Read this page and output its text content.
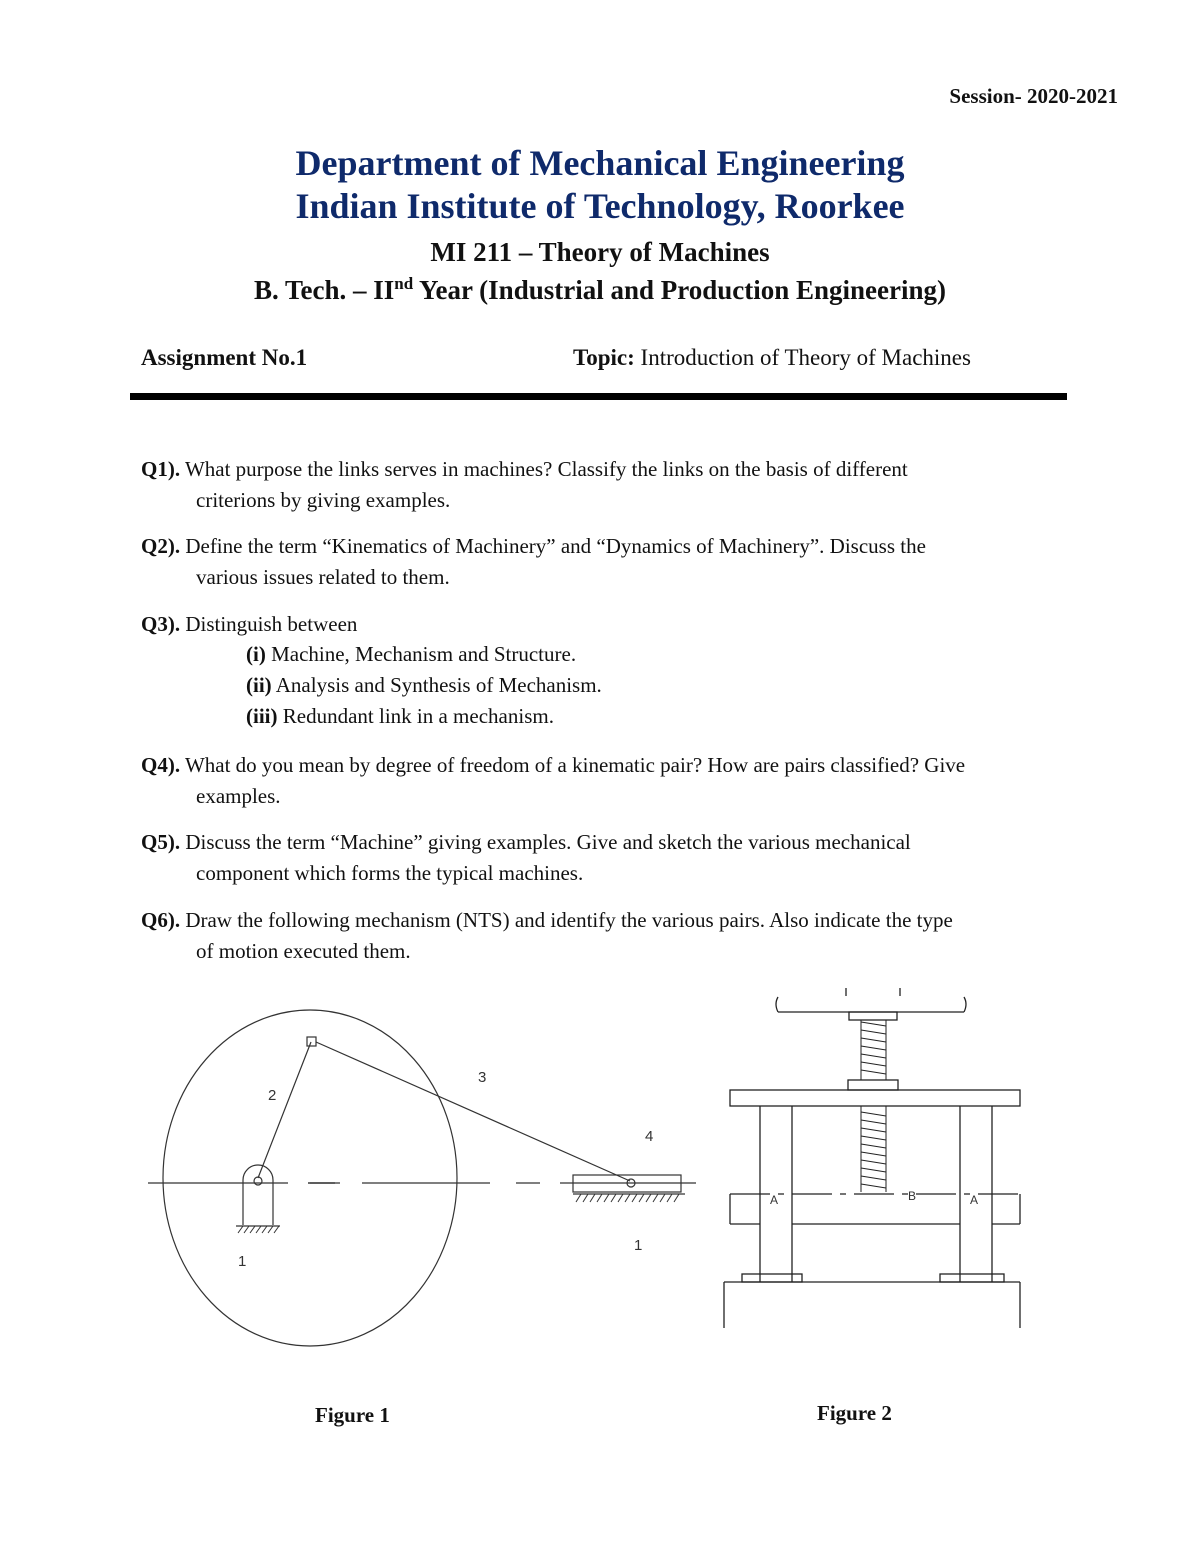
Session- 2020-2021
Department of Mechanical Engineering
Indian Institute of Technology, Roorkee
MI 211 – Theory of Machines
B. Tech. – IInd Year (Industrial and Production Engineering)
Assignment No.1	Topic: Introduction of Theory of Machines
Q1). What purpose the links serves in machines? Classify the links on the basis of different
criterions by giving examples.
Q2). Define the term “Kinematics of Machinery” and “Dynamics of Machinery”. Discuss the
various issues related to them.
Q3). Distinguish between
(i) Machine, Mechanism and Structure.
(ii) Analysis and Synthesis of Mechanism.
(iii) Redundant link in a mechanism.
Q4). What do you mean by degree of freedom of a kinematic pair? How are pairs classified? Give
examples.
Q5). Discuss the term “Machine” giving examples. Give and sketch the various mechanical
component which forms the typical machines.
Q6). Draw the following mechanism (NTS) and identify the various pairs. Also indicate the type
of motion executed them.
2
3
4
1
1
A	B	A
Figure 1	Figure 2
